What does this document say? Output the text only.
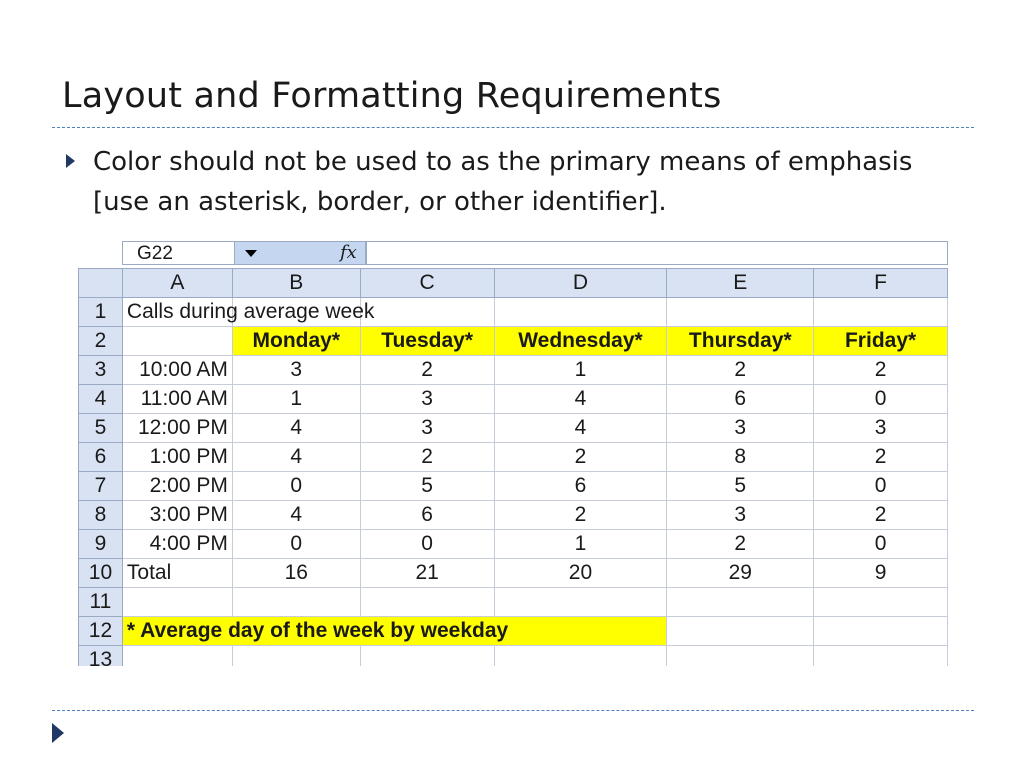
Layout and Formatting Requirements

Color should not be used to as the primary means of emphasis [use an asterisk, border, or other identifier].

G22	fx
	A	B	C	D	E	F
1	Calls during average week					

2		Monday*	Tuesday*	Wednesday*	Thursday*	Friday*
3	10:00 AM	3	2	1	2	2
4	11:00 AM	1	3	4	6	0
5	12:00 PM	4	3	4	3	3
6	1:00 PM	4	2	2	8	2
7	2:00 PM	0	5	6	5	0
8	3:00 PM	4	6	2	3	2
9	4:00 PM	0	0	1	2	0
10	Total	16	21	20	29	9
11						
12	* Average day of the week by weekday					

13						
